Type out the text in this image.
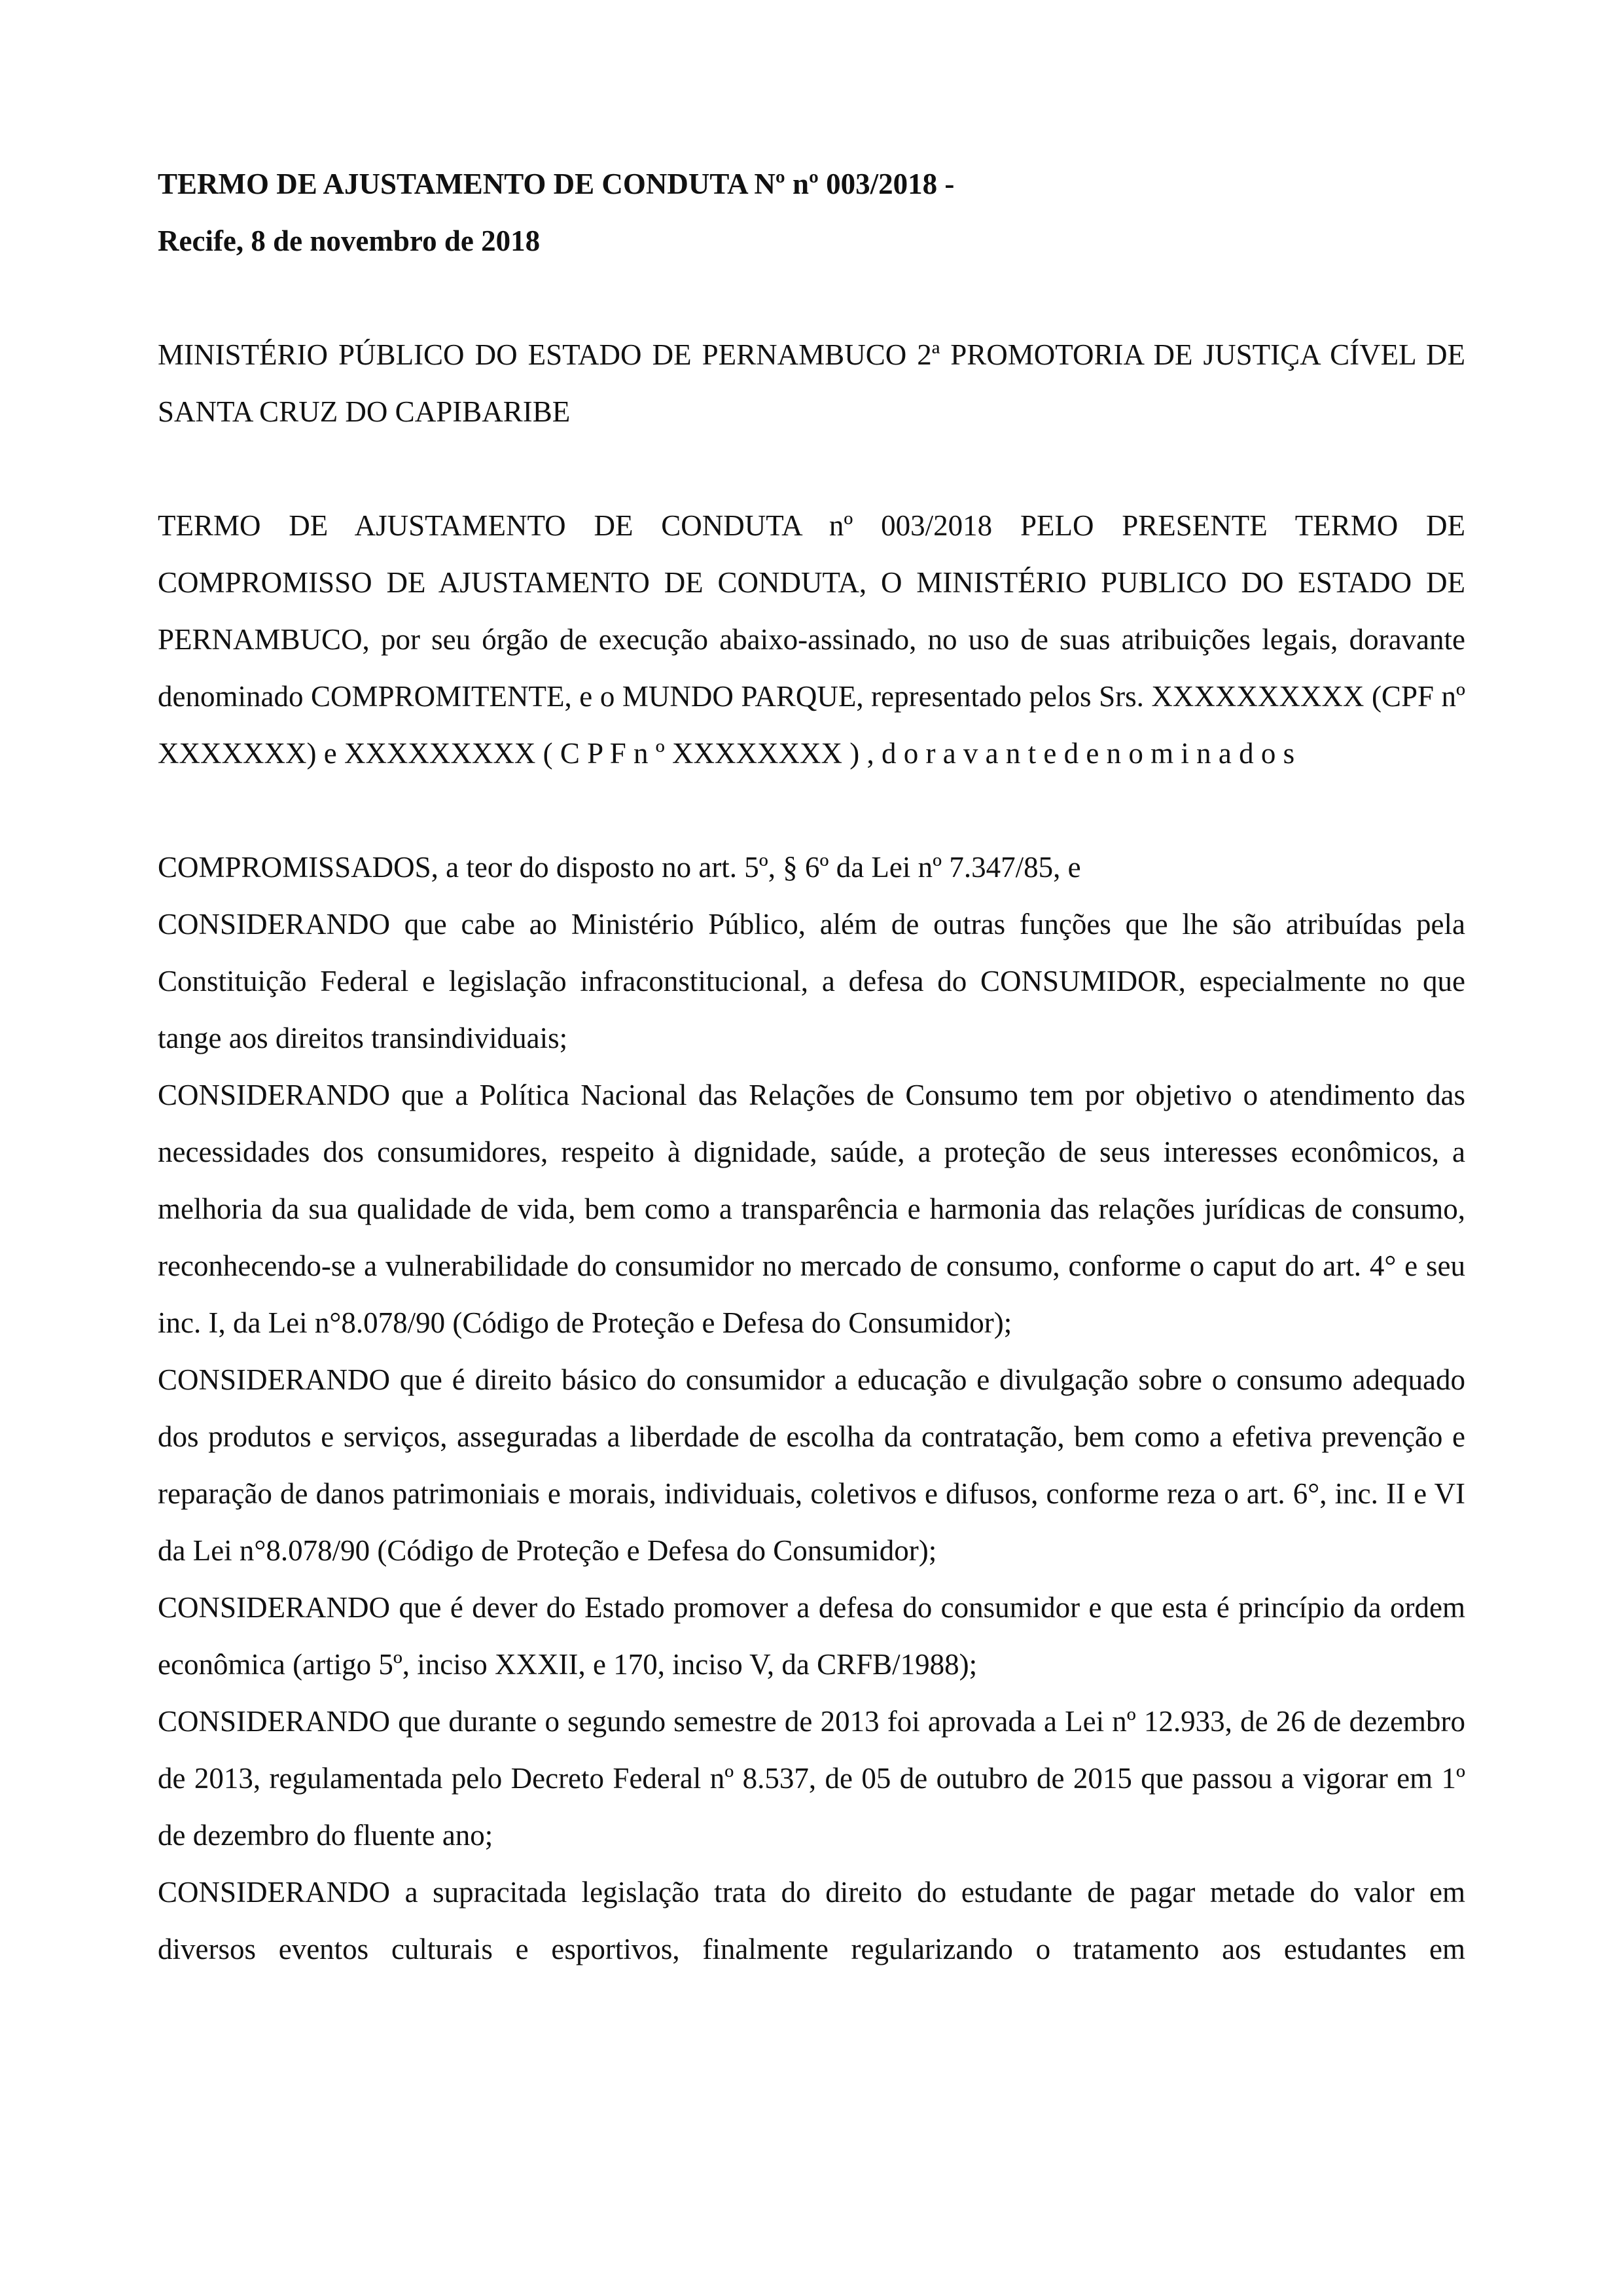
TERMO DE AJUSTAMENTO DE CONDUTA Nº nº 003/2018 -

Recife, 8 de novembro de 2018

MINISTÉRIO PÚBLICO DO ESTADO DE PERNAMBUCO 2ª PROMOTORIA DE JUSTIÇA CÍVEL DE SANTA CRUZ DO CAPIBARIBE

TERMO DE AJUSTAMENTO DE CONDUTA nº 003/2018 PELO PRESENTE TERMO DE COMPROMISSO DE AJUSTAMENTO DE CONDUTA, O MINISTÉRIO PUBLICO DO ESTADO DE PERNAMBUCO, por seu órgão de execução abaixo-assinado, no uso de suas atribuições legais, doravante denominado COMPROMITENTE, e o MUNDO PARQUE, representado pelos Srs. XXXXXXXXXX (CPF nº XXXXXXX) e XXXXXXXXX ( C P F n º XXXXXXXX ) , d o r a v a n t e d e n o m i n a d o s

COMPROMISSADOS, a teor do disposto no art. 5º, § 6º da Lei nº 7.347/85, e

CONSIDERANDO que cabe ao Ministério Público, além de outras funções que lhe são atribuídas pela Constituição Federal e legislação infraconstitucional, a defesa do CONSUMIDOR, especialmente no que tange aos direitos transindividuais;

CONSIDERANDO que a Política Nacional das Relações de Consumo tem por objetivo o atendimento das necessidades dos consumidores, respeito à dignidade, saúde, a proteção de seus interesses econômicos, a melhoria da sua qualidade de vida, bem como a transparência e harmonia das relações jurídicas de consumo, reconhecendo-se a vulnerabilidade do consumidor no mercado de consumo, conforme o caput do art. 4° e seu inc. I, da Lei n°8.078/90 (Código de Proteção e Defesa do Consumidor);

CONSIDERANDO que é direito básico do consumidor a educação e divulgação sobre o consumo adequado dos produtos e serviços, asseguradas a liberdade de escolha da contratação, bem como a efetiva prevenção e reparação de danos patrimoniais e morais, individuais, coletivos e difusos, conforme reza o art. 6°, inc. II e VI da Lei n°8.078/90 (Código de Proteção e Defesa do Consumidor);

CONSIDERANDO que é dever do Estado promover a defesa do consumidor e que esta é princípio da ordem econômica (artigo 5º, inciso XXXII, e 170, inciso V, da CRFB/1988);

CONSIDERANDO que durante o segundo semestre de 2013 foi aprovada a Lei nº 12.933, de 26 de dezembro de 2013, regulamentada pelo Decreto Federal nº 8.537, de 05 de outubro de 2015 que passou a vigorar em 1º de dezembro do fluente ano;

CONSIDERANDO a supracitada legislação trata do direito do estudante de pagar metade do valor em diversos eventos culturais e esportivos, finalmente regularizando o tratamento aos estudantes em
